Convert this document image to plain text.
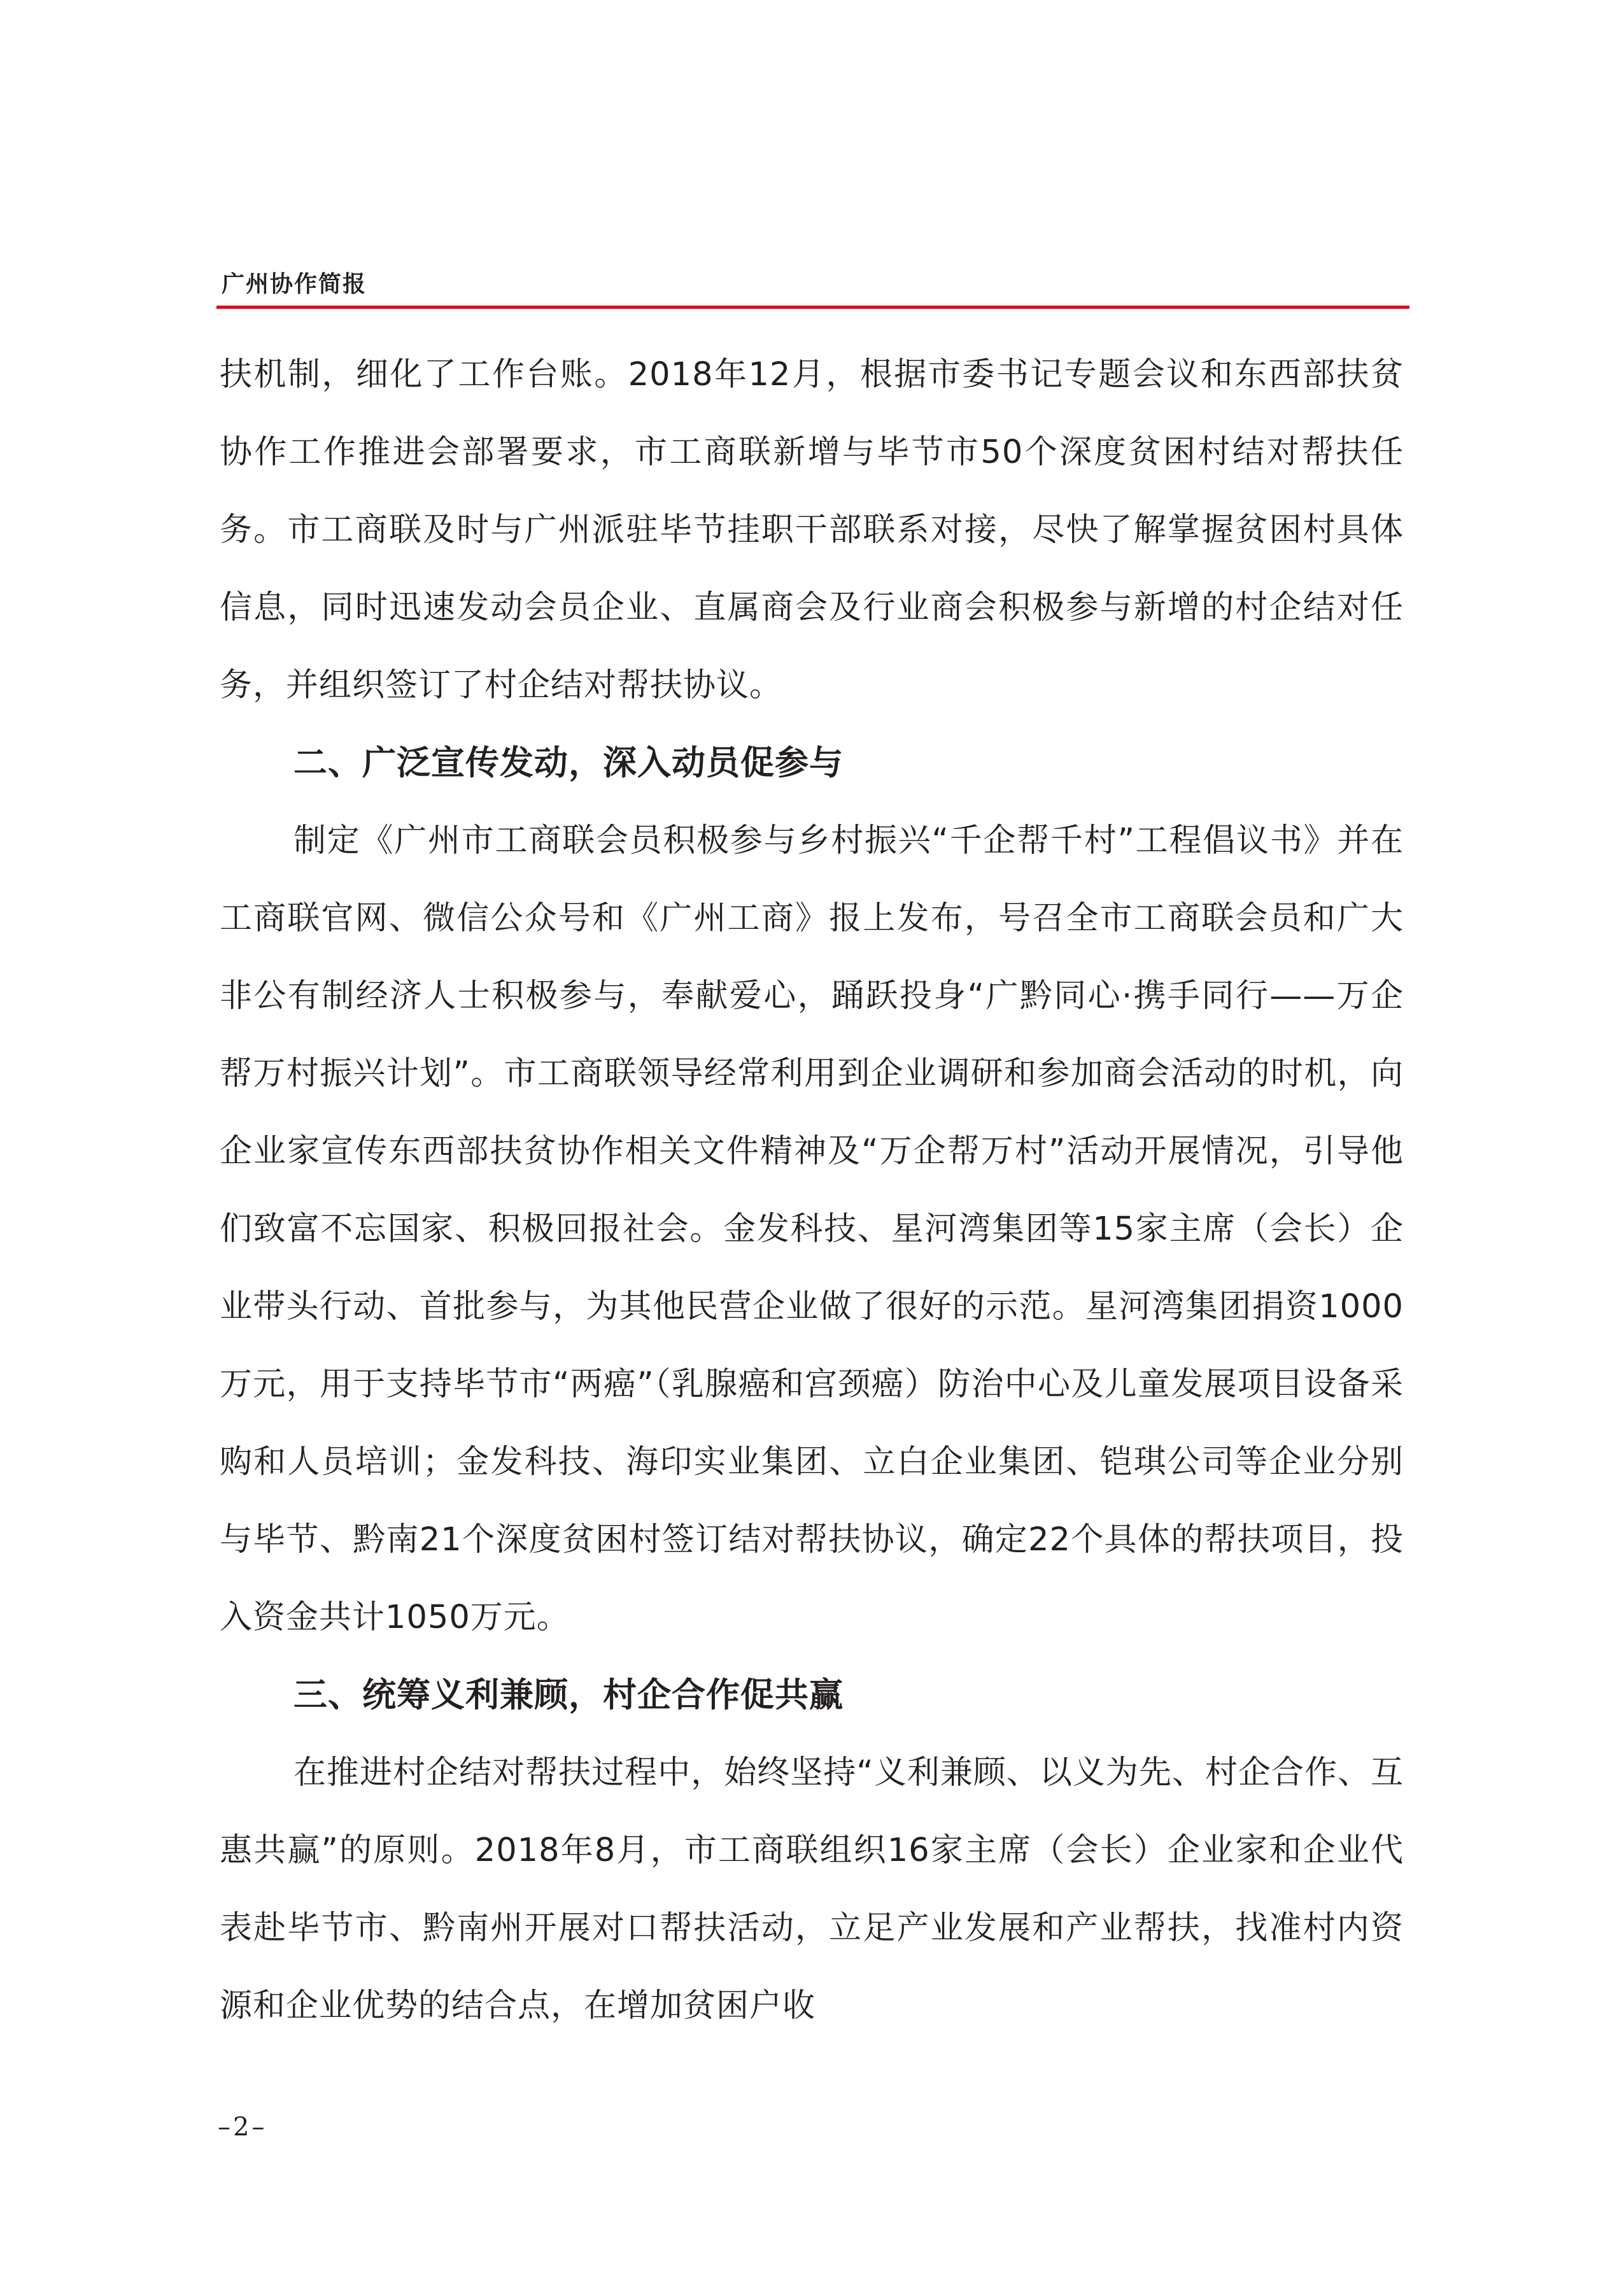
广州协作简报

扶机制，细化了工作台账。2018年12月，根据市委书记专题会议和东西部扶贫协作工作推进会部署要求，市工商联新增与毕节市50个深度贫困村结对帮扶任务。市工商联及时与广州派驻毕节挂职干部联系对接，尽快了解掌握贫困村具体信息，同时迅速发动会员企业、直属商会及行业商会积极参与新增的村企结对任务，并组织签订了村企结对帮扶协议。

二、广泛宣传发动，深入动员促参与

制定《广州市工商联会员积极参与乡村振兴“千企帮千村”工程倡议书》并在工商联官网、微信公众号和《广州工商》报上发布，号召全市工商联会员和广大非公有制经济人士积极参与，奉献爱心，踊跃投身“广黔同心·携手同行——万企帮万村振兴计划”。市工商联领导经常利用到企业调研和参加商会活动的时机，向企业家宣传东西部扶贫协作相关文件精神及“万企帮万村”活动开展情况，引导他们致富不忘国家、积极回报社会。金发科技、星河湾集团等15家主席（会长）企业带头行动、首批参与，为其他民营企业做了很好的示范。星河湾集团捐资1000万元，用于支持毕节市“两癌”（乳腺癌和宫颈癌）防治中心及儿童发展项目设备采购和人员培训；金发科技、海印实业集团、立白企业集团、铠琪公司等企业分别与毕节、黔南21个深度贫困村签订结对帮扶协议，确定22个具体的帮扶项目，投入资金共计1050万元。

三、统筹义利兼顾，村企合作促共赢

在推进村企结对帮扶过程中，始终坚持“义利兼顾、以义为先、村企合作、互惠共赢”的原则。2018年8月，市工商联组织16家主席（会长）企业家和企业代表赴毕节市、黔南州开展对口帮扶活动，立足产业发展和产业帮扶，找准村内资源和企业优势的结合点，在增加贫困户收

–2–
